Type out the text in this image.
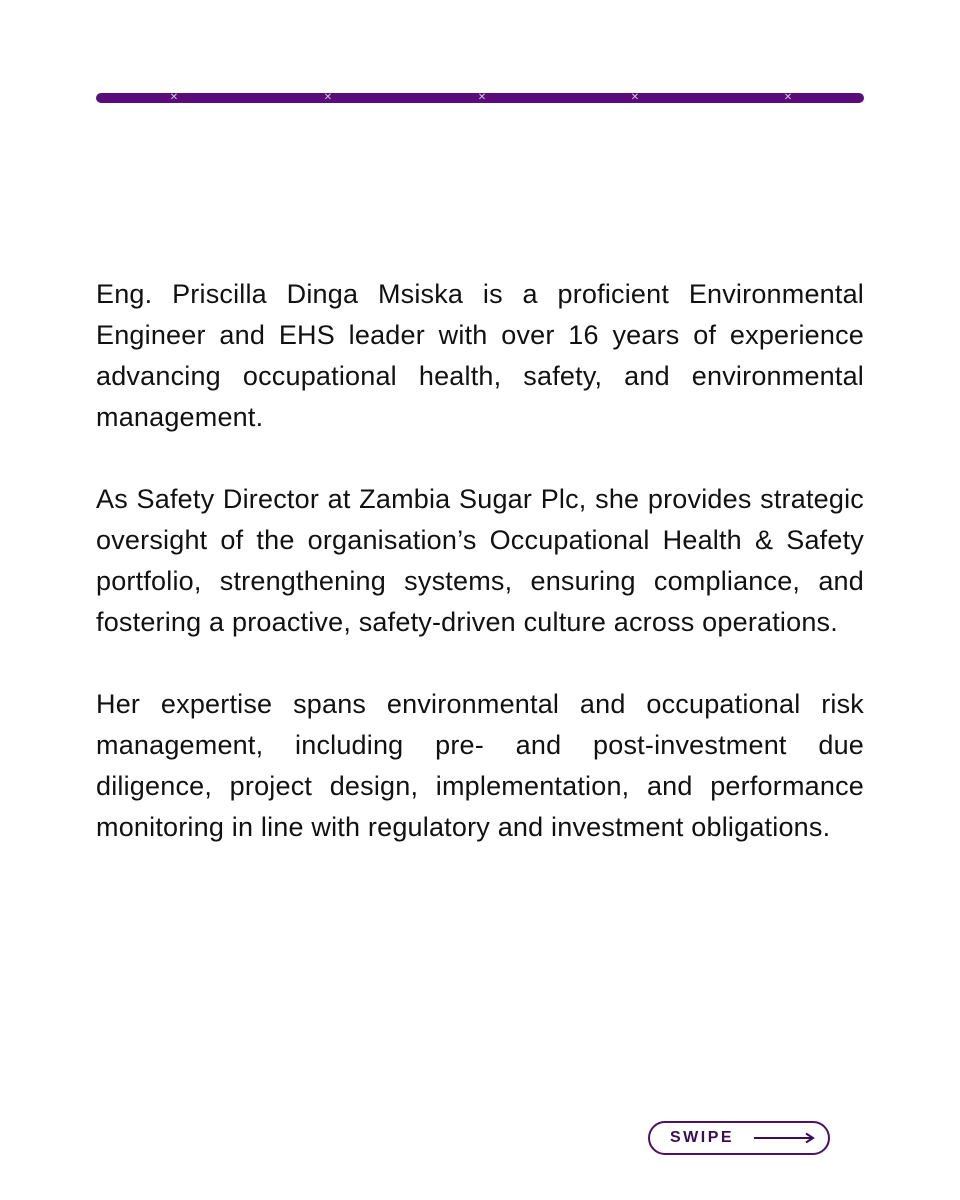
✕	✕	✕	✕	✕

Eng. Priscilla Dinga Msiska is a proficient Environmental Engineer and EHS leader with over 16 years of experience advancing occupational health, safety, and environmental management.

As Safety Director at Zambia Sugar Plc, she provides strategic oversight of the organisation’s Occupational Health & Safety portfolio, strengthening systems, ensuring compliance, and fostering a proactive, safety-driven culture across operations.

Her expertise spans environmental and occupational risk management, including pre- and post-investment due diligence, project design, implementation, and performance monitoring in line with regulatory and investment obligations.

SWIPE
